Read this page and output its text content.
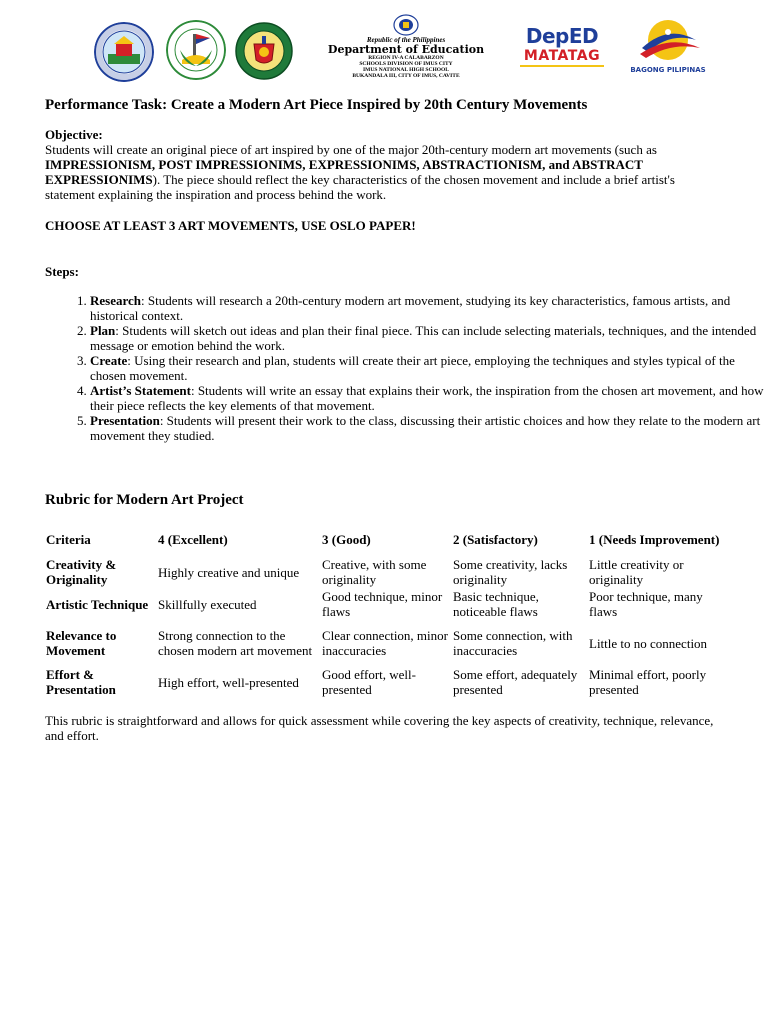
Republic of the Philippines
Department of Education
REGION IV-A CALABARZON
SCHOOLS DIVISION OF IMUS CITY
IMUS NATIONAL HIGH SCHOOL
BUKANDALA III, CITY OF IMUS, CAVITE
DepED
MATATAG
BAGONG PILIPINAS
Performance Task: Create a Modern Art Piece Inspired by 20th Century Movements
Objective:
Students will create an original piece of art inspired by one of the major 20th-century modern art movements (such as IMPRESSIONISM, POST IMPRESSIONIMS, EXPRESSIONIMS, ABSTRACTIONISM, and ABSTRACT EXPRESSIONIMS). The piece should reflect the key characteristics of the chosen movement and include a brief artist's statement explaining the inspiration and process behind the work.
CHOOSE AT LEAST 3 ART MOVEMENTS, USE OSLO PAPER!
Steps:
1. Research: Students will research a 20th-century modern art movement, studying its key characteristics, famous artists, and historical context.
2. Plan: Students will sketch out ideas and plan their final piece. This can include selecting materials, techniques, and the intended message or emotion behind the work.
3. Create: Using their research and plan, students will create their art piece, employing the techniques and styles typical of the chosen movement.
4. Artist’s Statement: Students will write an essay that explains their work, the inspiration from the chosen art movement, and how their piece reflects the key elements of that movement.
5. Presentation: Students will present their work to the class, discussing their artistic choices and how they relate to the modern art movement they studied.
Rubric for Modern Art Project
Criteria	4 (Excellent)	3 (Good)	2 (Satisfactory)	1 (Needs Improvement)
Creativity & Originality	Highly creative and unique	Creative, with some originality	Some creativity, lacks originality	Little creativity or originality
Artistic Technique	Skillfully executed	Good technique, minor flaws	Basic technique, noticeable flaws	Poor technique, many flaws
Relevance to Movement	Strong connection to the chosen modern art movement	Clear connection, minor inaccuracies	Some connection, with inaccuracies	Little to no connection
Effort & Presentation	High effort, well-presented	Good effort, well-presented	Some effort, adequately presented	Minimal effort, poorly presented
This rubric is straightforward and allows for quick assessment while covering the key aspects of creativity, technique, relevance, and effort.
